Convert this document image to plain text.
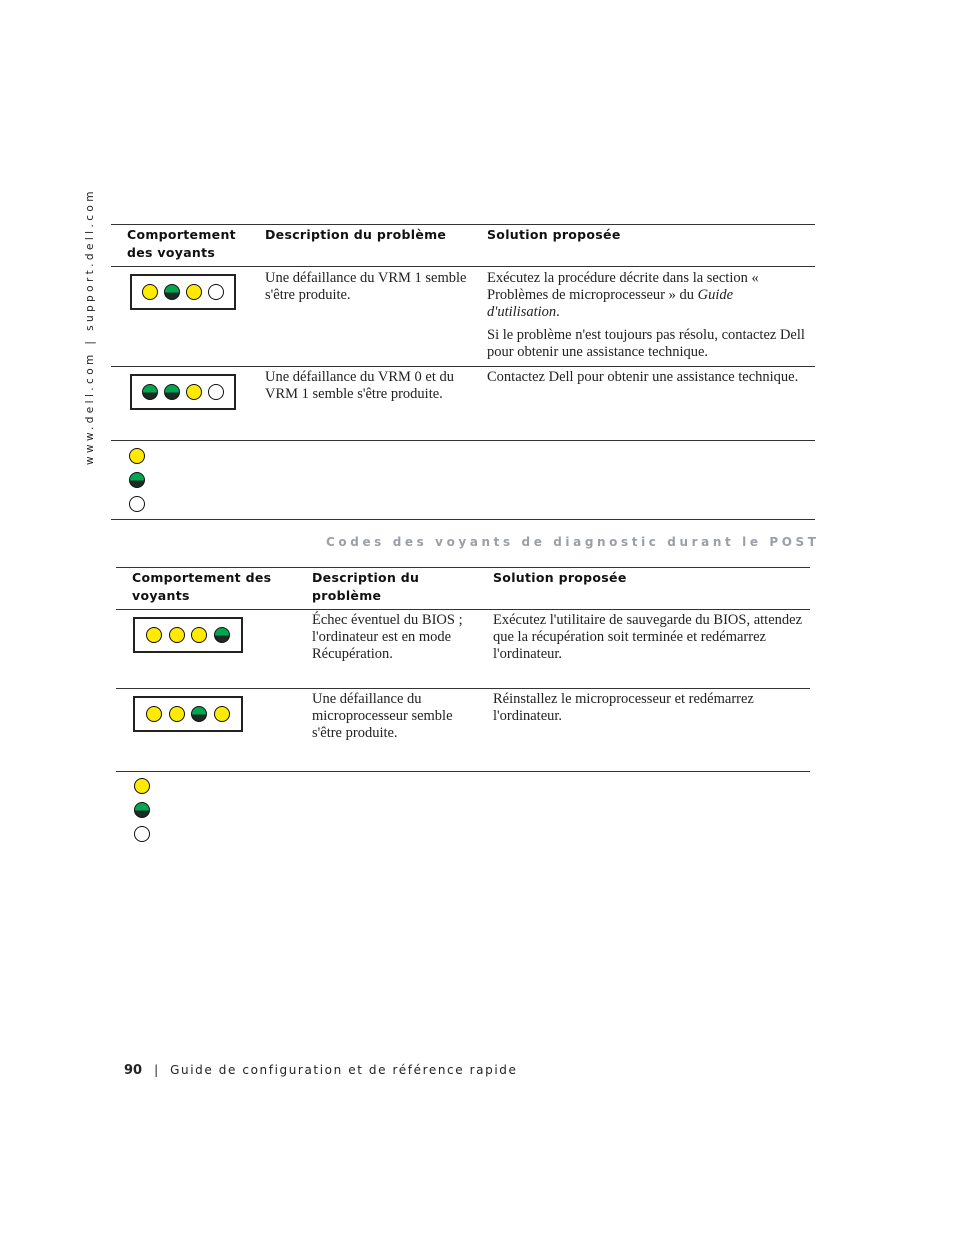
www.dell.com | support.dell.com Comportement des voyants
Description du problème	Solution proposée
Une défaillance du VRM 1 semble s'être produite.

Exécutez la procédure décrite dans la section « Problèmes de microprocesseur » du Guide d'utilisation.

Si le problème n'est toujours pas résolu, contactez Dell pour obtenir une assistance technique.

Une défaillance du VRM 0 et du VRM 1 semble s'être produite.

Contactez Dell pour obtenir une assistance technique.

Codes des voyants de diagnostic durant le POST
Comportement des voyants
Description du problème
Solution proposée
Échec éventuel du BIOS ; l'ordinateur est en mode Récupération.

Exécutez l'utilitaire de sauvegarde du BIOS, attendez que la récupération soit terminée et redémarrez l'ordinateur.

Une défaillance du microprocesseur semble s'être produite.

Réinstallez le microprocesseur et redémarrez l'ordinateur.

90 | Guide de configuration et de référence rapide
